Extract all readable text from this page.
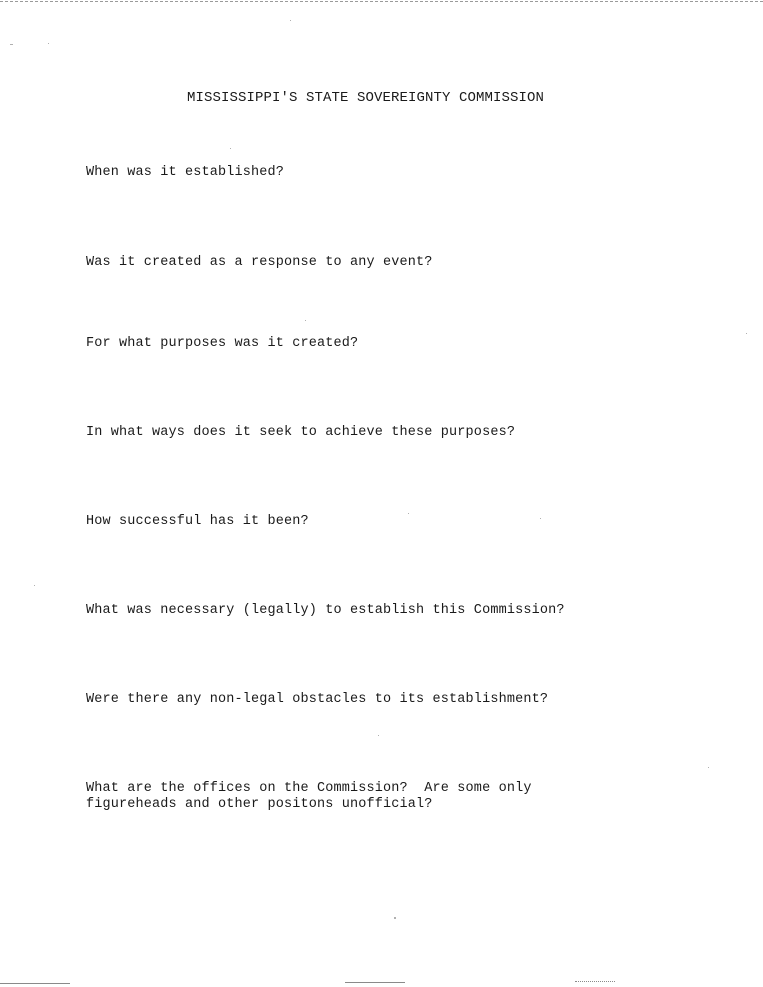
MISSISSIPPI'S STATE SOVEREIGNTY COMMISSION
When was it established?
Was it created as a response to any event?
For what purposes was it created?
In what ways does it seek to achieve these purposes?
How successful has it been?
What was necessary (legally) to establish this Commission?
Were there any non-legal obstacles to its establishment?
What are the offices on the Commission?  Are some only
figureheads and other positons unofficial?
